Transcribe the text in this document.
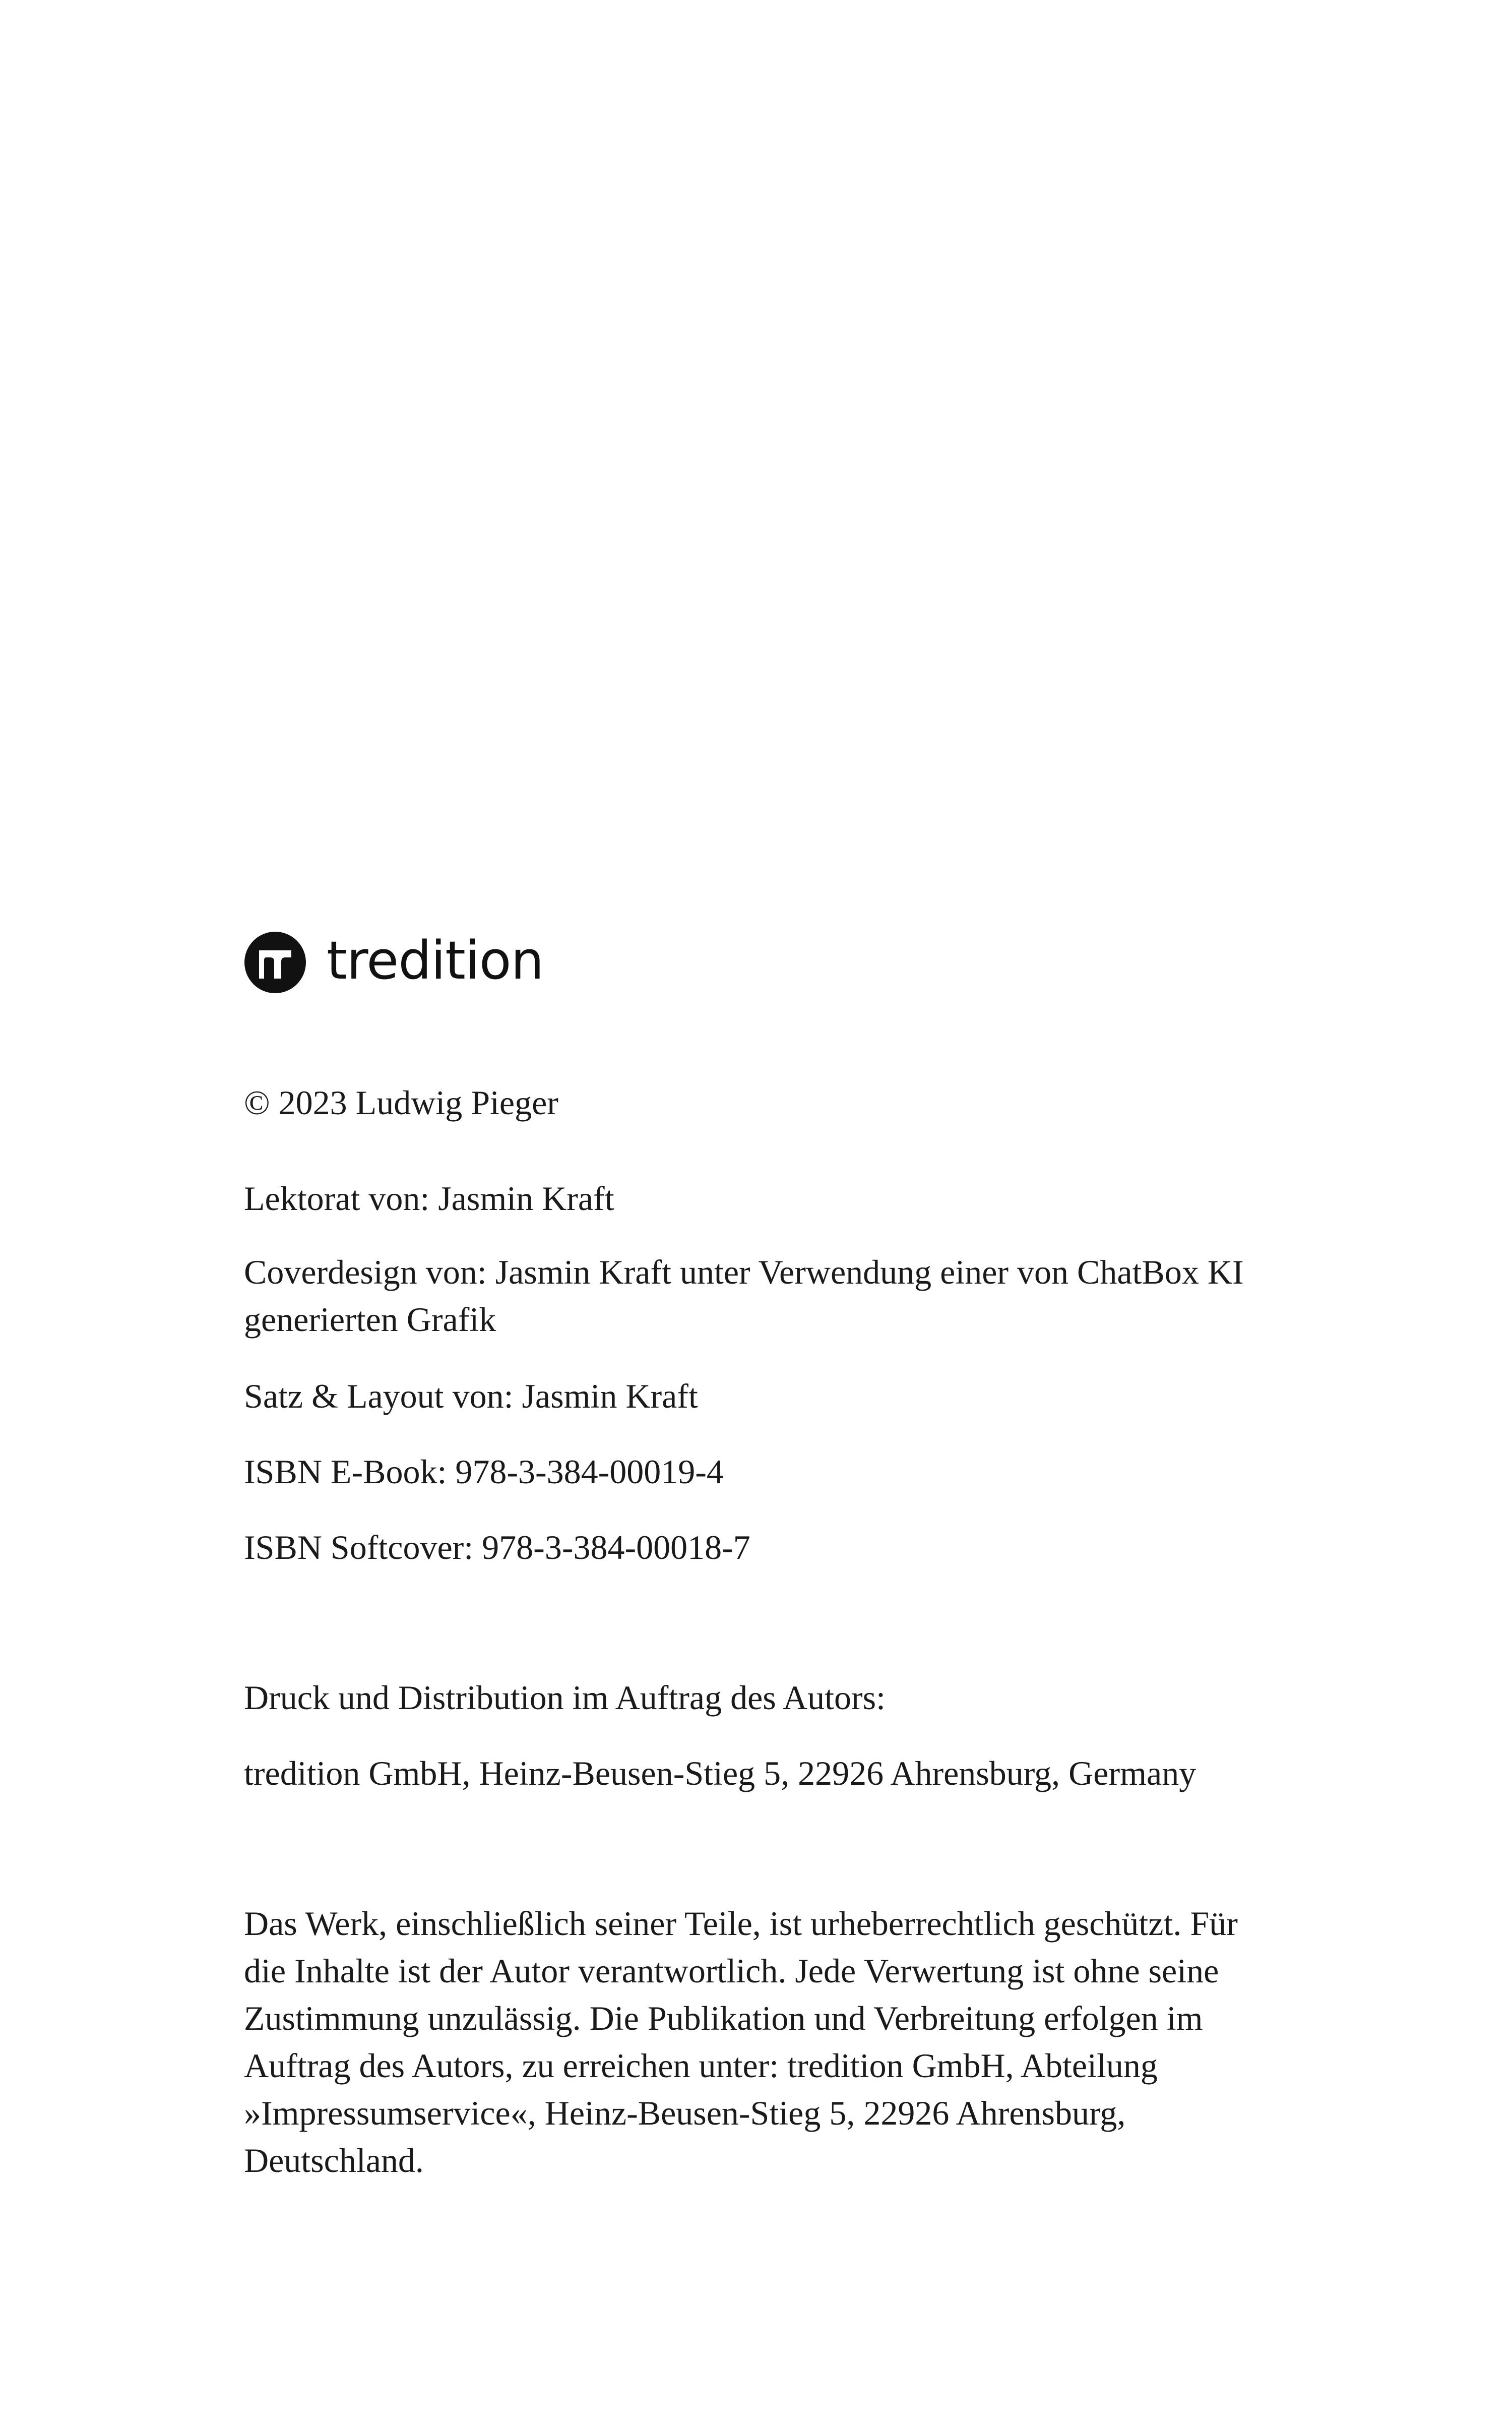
tredition
© 2023 Ludwig Pieger
Lektorat von: Jasmin Kraft
Coverdesign von: Jasmin Kraft unter Verwendung einer von ChatBox KI
generierten Grafik
Satz & Layout von: Jasmin Kraft
ISBN E-Book: 978-3-384-00019-4
ISBN Softcover: 978-3-384-00018-7
Druck und Distribution im Auftrag des Autors:
tredition GmbH, Heinz-Beusen-Stieg 5, 22926 Ahrensburg, Germany
Das Werk, einschließlich seiner Teile, ist urheberrechtlich geschützt. Für
die Inhalte ist der Autor verantwortlich. Jede Verwertung ist ohne seine
Zustimmung unzulässig. Die Publikation und Verbreitung erfolgen im
Auftrag des Autors, zu erreichen unter: tredition GmbH, Abteilung
»Impressumservice«, Heinz-Beusen-Stieg 5, 22926 Ahrensburg,
Deutschland.
